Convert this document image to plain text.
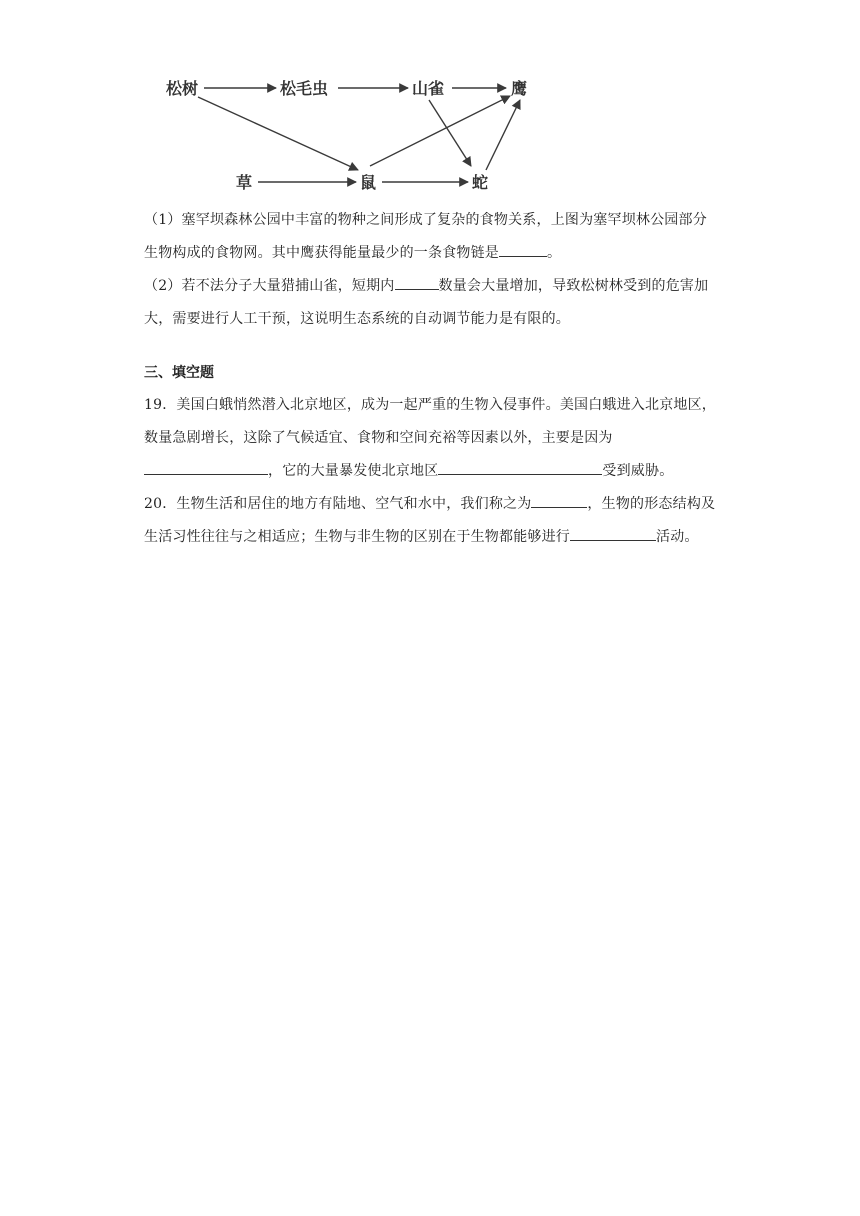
松树	松毛虫	山雀	鹰
草	鼠	蛇

（1）塞罕坝森林公园中丰富的物种之间形成了复杂的食物关系，上图为塞罕坝林公园部分生物构成的食物网。其中鹰获得能量最少的一条食物链是	。

（2）若不法分子大量猎捕山雀，短期内	数量会大量增加，导致松树林受到的危害加大，需要进行人工干预，这说明生态系统的自动调节能力是有限的。

三、填空题

19．美国白蛾悄然潜入北京地区，成为一起严重的生物入侵事件。美国白蛾进入北京地区，数量急剧增长，这除了气候适宜、食物和空间充裕等因素以外，主要是因为，它的大量暴发使北京地区	受到威胁。

20．生物生活和居住的地方有陆地、空气和水中，我们称之为	，生物的形态结构及生活习性往往与之相适应；生物与非生物的区别在于生物都能够进行	活动。
